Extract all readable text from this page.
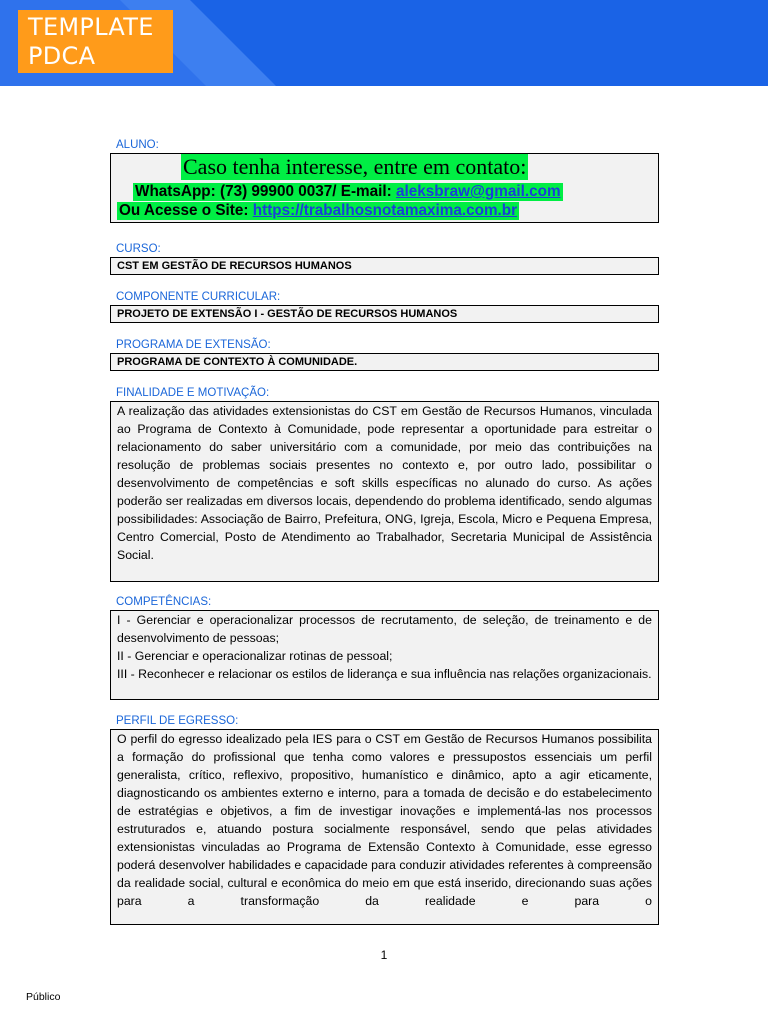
TEMPLATE
PDCA
ALUNO:
Caso tenha interesse, entre em contato:
WhatsApp: (73) 99900 0037/ E-mail: aleksbraw@gmail.com
Ou Acesse o Site: https://trabalhosnotamaxima.com.br
CURSO:
CST EM GESTÃO DE RECURSOS HUMANOS
COMPONENTE CURRICULAR:
PROJETO DE EXTENSÃO I - GESTÃO DE RECURSOS HUMANOS
PROGRAMA DE EXTENSÃO:
PROGRAMA DE CONTEXTO À COMUNIDADE.
FINALIDADE E MOTIVAÇÃO:
A realização das atividades extensionistas do CST em Gestão de Recursos Humanos, vinculada ao Programa de Contexto à Comunidade, pode representar a oportunidade para estreitar o relacionamento do saber universitário com a comunidade, por meio das contribuições na resolução de problemas sociais presentes no contexto e, por outro lado, possibilitar o desenvolvimento de competências e soft skills específicas no alunado do curso. As ações poderão ser realizadas em diversos locais, dependendo do problema identificado, sendo algumas possibilidades: Associação de Bairro, Prefeitura, ONG, Igreja, Escola, Micro e Pequena Empresa, Centro Comercial, Posto de Atendimento ao Trabalhador, Secretaria Municipal de Assistência Social.
COMPETÊNCIAS:
I - Gerenciar e operacionalizar processos de recrutamento, de seleção, de treinamento e de desenvolvimento de pessoas;
II - Gerenciar e operacionalizar rotinas de pessoal;
III - Reconhecer e relacionar os estilos de liderança e sua influência nas relações organizacionais.
PERFIL DE EGRESSO:
O perfil do egresso idealizado pela IES para o CST em Gestão de Recursos Humanos possibilita a formação do profissional que tenha como valores e pressupostos essenciais um perfil generalista, crítico, reflexivo, propositivo, humanístico e dinâmico, apto a agir eticamente, diagnosticando os ambientes externo e interno, para a tomada de decisão e do estabelecimento de estratégias e objetivos, a fim de investigar inovações e implementá-las nos processos estruturados e, atuando postura socialmente responsável, sendo que pelas atividades extensionistas vinculadas ao Programa de Extensão Contexto à Comunidade, esse egresso poderá desenvolver habilidades e capacidade para conduzir atividades referentes à compreensão da realidade social, cultural e econômica do meio em que está inserido, direcionando suas ações para a transformação da realidade e para o
1
Público
